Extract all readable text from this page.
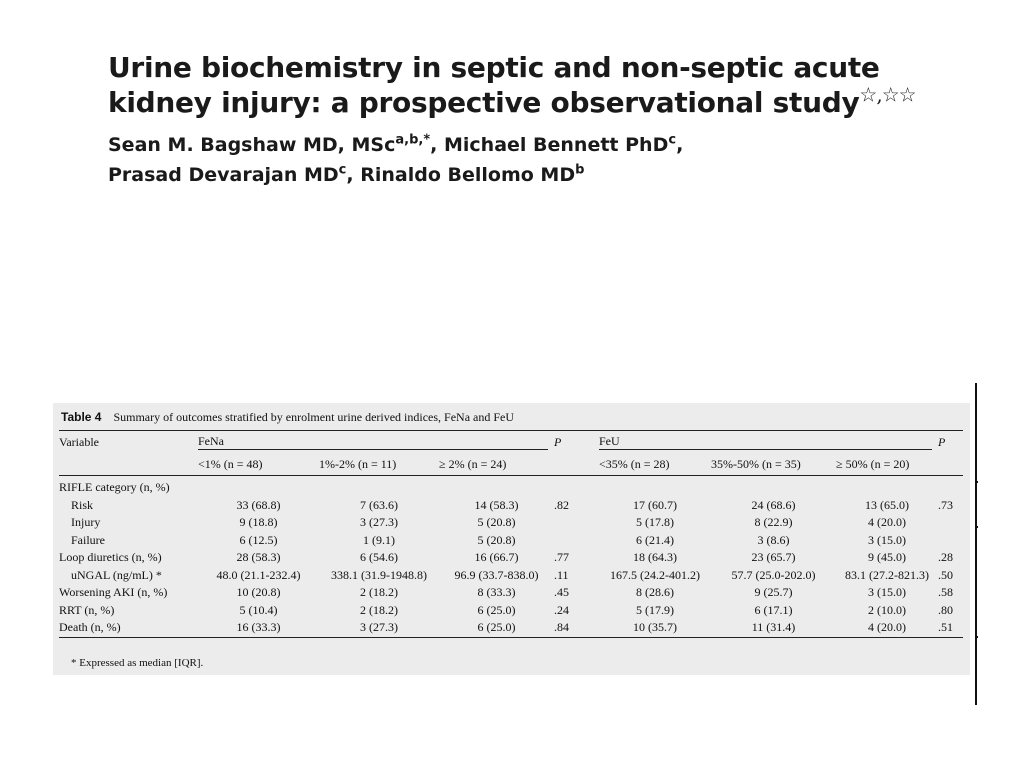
Urine biochemistry in septic and non-septic acute kidney injury: a prospective observational study☆,☆☆
Sean M. Bagshaw MD, MSc$^{a,b,*}$, Michael Bennett PhD$^c$,
Prasad Devarajan $MD^c$, Rinaldo Bellomo $MD^b$
Table 4 Summary of outcomes stratified by enrolment urine derived indices, FeNa and FeU
Variable	FeNa			P	FeU			P
	<1% (n = 48)	1%-2% (n = 11)	≥ 2% (n = 24)		<35% (n = 28)	35%-50% (n = 35)	≥ 50% (n = 20)	
RIFLE category (n, %)								
Risk	33 (68.8)	7 (63.6)	14 (58.3)	.82	17 (60.7)	24 (68.6)	13 (65.0)	.73
Injury	9 (18.8)	3 (27.3)	5 (20.8)		5 (17.8)	8 (22.9)	4 (20.0)	
Failure	6 (12.5)	1 (9.1)	5 (20.8)		6 (21.4)	3 (8.6)	3 (15.0)	
Loop diuretics (n, %)	28 (58.3)	6 (54.6)	16 (66.7)	.77	18 (64.3)	23 (65.7)	9 (45.0)	.28
uNGAL (ng/mL) *	48.0 (21.1-232.4)	338.1 (31.9-1948.8)	96.9 (33.7-838.0)	.11	167.5 (24.2-401.2)	57.7 (25.0-202.0)	83.1 (27.2-821.3)	.50
Worsening AKI (n, %)	10 (20.8)	2 (18.2)	8 (33.3)	.45	8 (28.6)	9 (25.7)	3 (15.0)	.58
RRT (n, %)	5 (10.4)	2 (18.2)	6 (25.0)	.24	5 (17.9)	6 (17.1)	2 (10.0)	.80
Death (n, %)	16 (33.3)	3 (27.3)	6 (25.0)	.84	10 (35.7)	11 (31.4)	4 (20.0)	.51
* Expressed as median [IQR].
